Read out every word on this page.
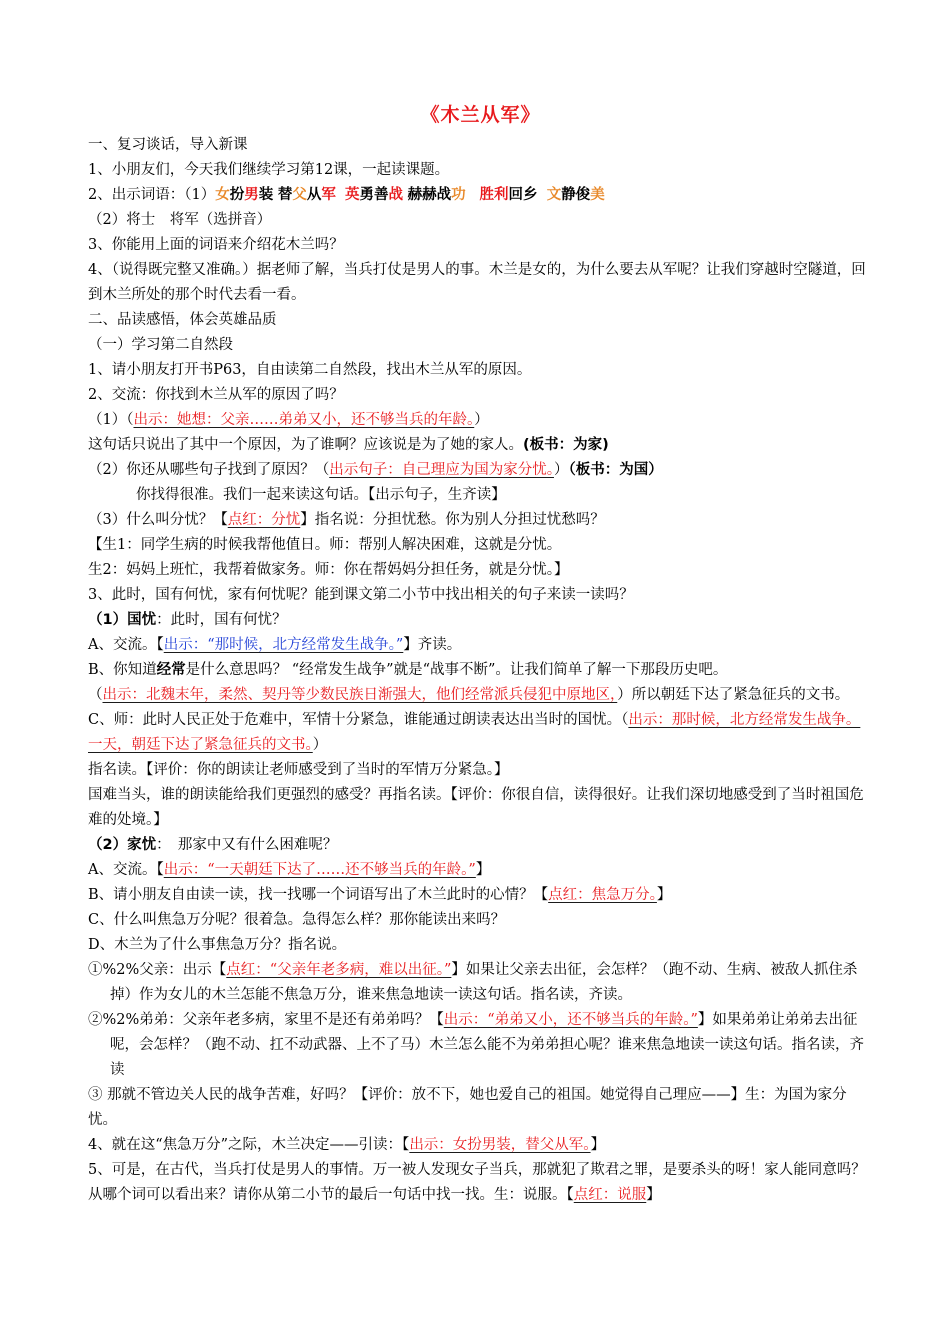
《木兰从军》

一、复习谈话，导入新课

1、小朋友们，今天我们继续学习第12课，一起读课题。

2、出示词语：（1）女扮男装 替父从军 英勇善战 赫赫战功 胜利回乡 文静俊美

（2）将士　将军（选拼音）

3、你能用上面的词语来介绍花木兰吗？

4、（说得既完整又准确。）据老师了解，当兵打仗是男人的事。木兰是女的，为什么要去从军呢？让我们穿越时空隧道，回到木兰所处的那个时代去看一看。

二、品读感悟，体会英雄品质

（一）学习第二自然段

1、请小朋友打开书P63，自由读第二自然段，找出木兰从军的原因。

2、交流：你找到木兰从军的原因了吗？

（1）（出示：她想：父亲……弟弟又小，还不够当兵的年龄。）

这句话只说出了其中一个原因，为了谁啊？应该说是为了她的家人。(板书：为家)

（2）你还从哪些句子找到了原因？（出示句子：自己理应为国为家分忧。）（板书：为国）

你找得很准。我们一起来读这句话。【出示句子，生齐读】

（3）什么叫分忧？【点红：分忧】指名说：分担忧愁。你为别人分担过忧愁吗？

【生1：同学生病的时候我帮他值日。师：帮别人解决困难，这就是分忧。

生2：妈妈上班忙，我帮着做家务。师：你在帮妈妈分担任务，就是分忧。】

3、此时，国有何忧，家有何忧呢？能到课文第二小节中找出相关的句子来读一读吗？

（1）国忧：此时，国有何忧？

A、交流。【出示：“那时候，北方经常发生战争。”】齐读。

B、你知道经常是什么意思吗？ “经常发生战争”就是“战事不断”。让我们简单了解一下那段历史吧。

（出示：北魏末年，柔然、契丹等少数民族日渐强大，他们经常派兵侵犯中原地区，）所以朝廷下达了紧急征兵的文书。

C、师：此时人民正处于危难中，军情十分紧急，谁能通过朗读表达出当时的国忧。（出示：那时候，北方经常发生战争。一天，朝廷下达了紧急征兵的文书。）

指名读。【评价：你的朗读让老师感受到了当时的军情万分紧急。】

国难当头，谁的朗读能给我们更强烈的感受？再指名读。【评价：你很自信，读得很好。让我们深切地感受到了当时祖国危难的处境。】

（2）家忧：　那家中又有什么困难呢？

A、交流。【出示：“一天朝廷下达了……还不够当兵的年龄。”】

B、请小朋友自由读一读，找一找哪一个词语写出了木兰此时的心情？【点红：焦急万分。】

C、什么叫焦急万分呢？很着急。急得怎么样？那你能读出来吗？

D、木兰为了什么事焦急万分？指名说。

①%2%父亲：出示【点红：“父亲年老多病，难以出征。”】如果让父亲去出征，会怎样？（跑不动、生病、被敌人抓住杀掉）作为女儿的木兰怎能不焦急万分，谁来焦急地读一读这句话。指名读，齐读。

②%2%弟弟：父亲年老多病，家里不是还有弟弟吗？【出示：“弟弟又小，还不够当兵的年龄。”】如果弟弟让弟弟去出征呢，会怎样？（跑不动、扛不动武器、上不了马）木兰怎么能不为弟弟担心呢？谁来焦急地读一读这句话。指名读，齐读

③ 那就不管边关人民的战争苦难，好吗？【评价：放不下，她也爱自己的祖国。她觉得自己理应——】生：为国为家分忧。

4、就在这“焦急万分”之际，木兰决定——引读：【出示：女扮男装，替父从军。】

5、可是，在古代，当兵打仗是男人的事情。万一被人发现女子当兵，那就犯了欺君之罪，是要杀头的呀！家人能同意吗？从哪个词可以看出来？请你从第二小节的最后一句话中找一找。生：说服。【点红：说服】
